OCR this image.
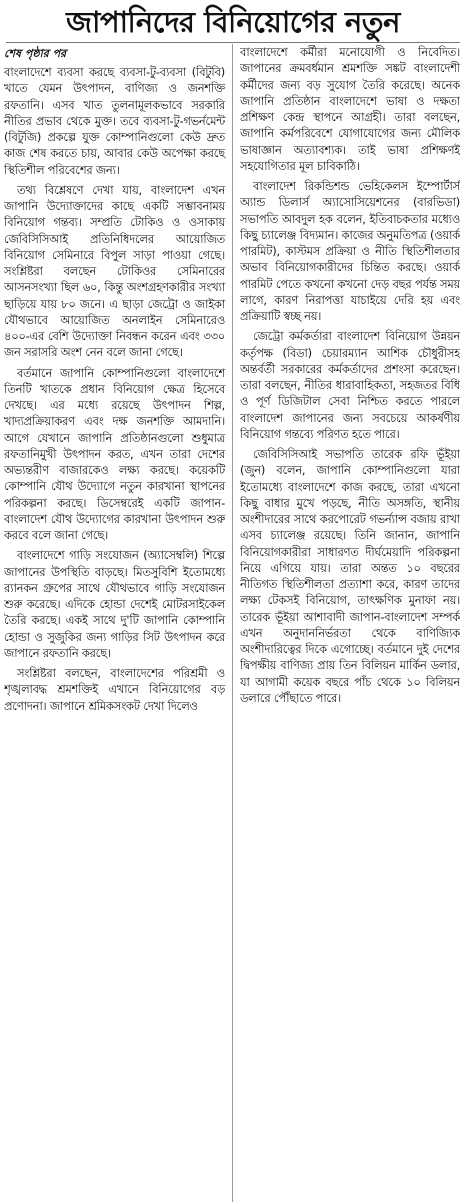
জাপানিদের বিনিয়োগের নতুন
শেষ পৃষ্ঠার পর

বাংলাদেশে ব্যবসা করছে ব্যবসা-টু-ব্যবসা (বিটুবি) খাতে যেমন উৎপাদন, বাণিজ্য ও জনশক্তি রফতানি। এসব খাত তুলনামূলকভাবে সরকারি নীতির প্রভাব থেকে মুক্ত। তবে ব্যবসা-টু-গভর্নমেন্ট (বিটুজি) প্রকল্পে যুক্ত কোম্পানিগুলো কেউ দ্রুত কাজ শেষ করতে চায়, আবার কেউ অপেক্ষা করছে স্থিতিশীল পরিবেশের জন্য।

তথ্য বিশ্লেষণে দেখা যায়, বাংলাদেশ এখন জাপানি উদ্যোক্তাদের কাছে একটি সম্ভাবনাময় বিনিয়োগ গন্তব্য। সম্প্রতি টোকিও ও ওসাকায় জেবিসিসিআই প্রতিনিধিদলের আয়োজিত বিনিয়োগ সেমিনারে বিপুল সাড়া পাওয়া গেছে। সংশ্লিষ্টরা বলছেন টোকিওর সেমিনারের আসনসংখ্যা ছিল ৬০, কিন্তু অংশগ্রহণকারীর সংখ্যা ছাড়িয়ে যায় ৮০ জনে। এ ছাড়া জেট্রো ও জাইকা যৌথভাবে আয়োজিত অনলাইন সেমিনারেও ৪০০-এর বেশি উদ্যোক্তা নিবন্ধন করেন এবং ৩৩০ জন সরাসরি অংশ নেন বলে জানা গেছে।

বর্তমানে জাপানি কোম্পানিগুলো বাংলাদেশে তিনটি খাতকে প্রধান বিনিয়োগ ক্ষেত্র হিসেবে দেখছে। এর মধ্যে রয়েছে উৎপাদন শিল্প, খাদ্যপ্রক্রিয়াকরণ এবং দক্ষ জনশক্তি আমদানি। আগে যেখানে জাপানি প্রতিষ্ঠানগুলো শুধুমাত্র রফতানিমুখী উৎপাদন করত, এখন তারা দেশের অভ্যন্তরীণ বাজারকেও লক্ষ্য করছে। কয়েকটি কোম্পানি যৌথ উদ্যোগে নতুন কারখানা স্থাপনের পরিকল্পনা করছে। ডিসেম্বরেই একটি জাপান-বাংলাদেশ যৌথ উদ্যোগের কারখানা উৎপাদন শুরু করবে বলে জানা গেছে।

বাংলাদেশে গাড়ি সংযোজন (অ্যাসেম্বলি) শিল্পে জাপানের উপস্থিতি বাড়ছে। মিতসুবিশি ইতোমধ্যে র‌্যানকন গ্রুপের সাথে যৌথভাবে গাড়ি সংযোজন শুরু করেছে। এদিকে হোন্ডা দেশেই মোটরসাইকেল তৈরি করছে। একই সাথে দু'টি জাপানি কোম্পানি হোন্ডা ও সুজুকির জন্য গাড়ির সিট উৎপাদন করে জাপানে রফতানি করছে।

সংশ্লিষ্টরা বলছেন, বাংলাদেশের পরিশ্রমী ও শৃঙ্খলাবদ্ধ শ্রমশক্তিই এখানে বিনিয়োগের বড় প্রণোদনা। জাপানে শ্রমিকসংকট দেখা দিলেও

বাংলাদেশে কর্মীরা মনোযোগী ও নিবেদিত। জাপানের ক্রমবর্ধমান শ্রমশক্তি সঙ্কট বাংলাদেশী কর্মীদের জন্য বড় সুযোগ তৈরি করেছে। অনেক জাপানি প্রতিষ্ঠান বাংলাদেশে ভাষা ও দক্ষতা প্রশিক্ষণ কেন্দ্র স্থাপনে আগ্রহী। তারা বলছেন, জাপানি কর্মপরিবেশে যোগাযোগের জন্য মৌলিক ভাষাজ্ঞান অত্যাবশ্যক। তাই ভাষা প্রশিক্ষণই সহযোগিতার মূল চাবিকাঠি।

বাংলাদেশ রিকন্ডিশন্ড ভেহিকেলস ইম্পোর্টার্স অ্যান্ড ডিলার্স অ্যাসোসিয়েশনের (বারভিডা) সভাপতি আবদুল হক বলেন, ইতিবাচকতার মধ্যেও কিছু চ্যালেঞ্জ বিদ্যমান। কাজের অনুমতিপত্র (ওয়ার্ক পারমিট), কাস্টমস প্রক্রিয়া ও নীতি স্থিতিশীলতার অভাব বিনিয়োগকারীদের চিন্তিত করছে। ওয়ার্ক পারমিট পেতে কখনো কখনো দেড় বছর পর্যন্ত সময় লাগে, কারণ নিরাপত্তা যাচাইয়ে দেরি হয় এবং প্রক্রিয়াটি স্বচ্ছ নয়।

জেট্রো কর্মকর্তারা বাংলাদেশ বিনিয়োগ উন্নয়ন কর্তৃপক্ষ (বিডা) চেয়ারম্যান আশিক চৌধুরীসহ অন্তর্বর্তী সরকারের কর্মকর্তাদের প্রশংসা করেছেন। তারা বলছেন, নীতির ধারাবাহিকতা, সহজতর বিধি ও পূর্ণ ডিজিটাল সেবা নিশ্চিত করতে পারলে বাংলাদেশ জাপানের জন্য সবচেয়ে আকর্ষণীয় বিনিয়োগ গন্তব্যে পরিণত হতে পারে।

জেবিসিসিআই সভাপতি তারেক রফি ভূঁইয়া (জুন) বলেন, জাপানি কোম্পানিগুলো যারা ইতোমধ্যে বাংলাদেশে কাজ করছে, তারা এখনো কিছু বাধার মুখে পড়ছে, নীতি অসঙ্গতি, স্থানীয় অংশীদারের সাথে করপোরেট গভর্ন্যান্স বজায় রাখা এসব চ্যালেঞ্জ রয়েছে। তিনি জানান, জাপানি বিনিয়োগকারীরা সাধারণত দীর্ঘমেয়াদি পরিকল্পনা নিয়ে এগিয়ে যায়। তারা অন্তত ১০ বছরের নীতিগত স্থিতিশীলতা প্রত্যাশা করে, কারণ তাদের লক্ষ্য টেকসই বিনিয়োগ, তাৎক্ষণিক মুনাফা নয়। তারেক ভূঁইয়া আশাবাদী জাপান-বাংলাদেশ সম্পর্ক এখন অনুদাননির্ভরতা থেকে বাণিজ্যিক অংশীদারিত্বের দিকে এগোচ্ছে। বর্তমানে দুই দেশের দ্বিপক্ষীয় বাণিজ্য প্রায় তিন বিলিয়ন মার্কিন ডলার, যা আগামী কয়েক বছরে পাঁচ থেকে ১০ বিলিয়ন ডলারে পৌঁছাতে পারে।
